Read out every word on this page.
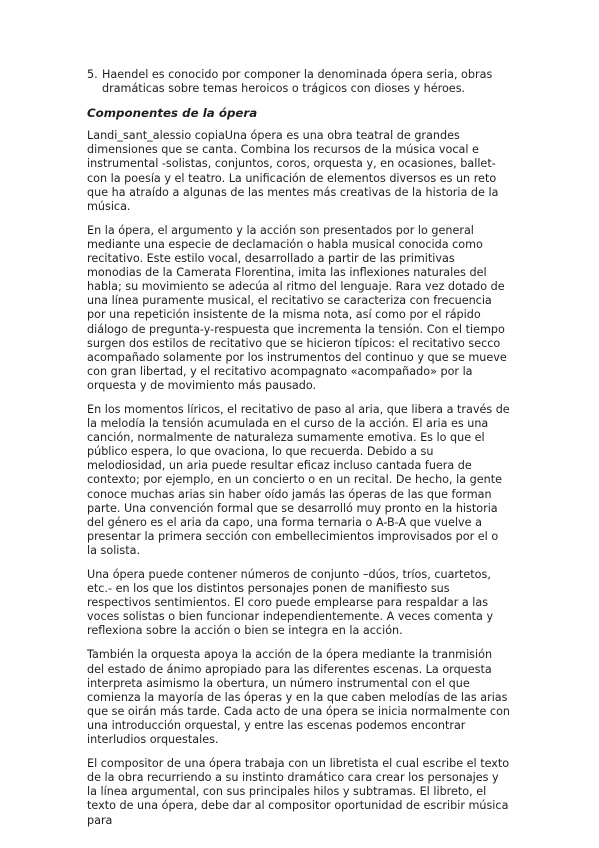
5. Haendel es conocido por componer la denominada ópera seria, obras dramáticas sobre temas heroicos o trágicos con dioses y héroes.
Componentes de la ópera

Landi_sant_alessio copiaUna ópera es una obra teatral de grandes dimensiones que se canta. Combina los recursos de la música vocal e instrumental -solistas, conjuntos, coros, orquesta y, en ocasiones, ballet- con la poesía y el teatro. La unificación de elementos diversos es un reto que ha atraído a algunas de las mentes más creativas de la historia de la música.

En la ópera, el argumento y la acción son presentados por lo general mediante una especie de declamación o habla musical conocida como recitativo. Este estilo vocal, desarrollado a partir de las primitivas monodias de la Camerata Florentina, imita las inflexiones naturales del habla; su movimiento se adecúa al ritmo del lenguaje. Rara vez dotado de una línea puramente musical, el recitativo se caracteriza con frecuencia por una repetición insistente de la misma nota, así como por el rápido diálogo de pregunta-y-respuesta que incrementa la tensión. Con el tiempo surgen dos estilos de recitativo que se hicieron típicos: el recitativo secco acompañado solamente por los instrumentos del continuo y que se mueve con gran libertad, y el recitativo acompagnato «acompañado» por la orquesta y de movimiento más pausado.

En los momentos líricos, el recitativo de paso al aria, que libera a través de la melodía la tensión acumulada en el curso de la acción. El aria es una canción, normalmente de naturaleza sumamente emotiva. Es lo que el público espera, lo que ovaciona, lo que recuerda. Debido a su melodiosidad, un aria puede resultar eficaz incluso cantada fuera de contexto; por ejemplo, en un concierto o en un recital. De hecho, la gente conoce muchas arias sin haber oído jamás las óperas de las que forman parte. Una convención formal que se desarrolló muy pronto en la historia del género es el aria da capo, una forma ternaria o A-B-A que vuelve a presentar la primera sección con embellecimientos improvisados por el o la solista.

Una ópera puede contener números de conjunto –dúos, tríos, cuartetos, etc.- en los que los distintos personajes ponen de manifiesto sus respectivos sentimientos. El coro puede emplearse para respaldar a las voces solistas o bien funcionar independientemente. A veces comenta y reflexiona sobre la acción o bien se integra en la acción.

También la orquesta apoya la acción de la ópera mediante la tranmisión del estado de ánimo apropiado para las diferentes escenas. La orquesta interpreta asimismo la obertura, un número instrumental con el que comienza la mayoría de las óperas y en la que caben melodías de las arias que se oirán más tarde. Cada acto de una ópera se inicia normalmente con una introducción orquestal, y entre las escenas podemos encontrar interludios orquestales.

El compositor de una ópera trabaja con un libretista el cual escribe el texto de la obra recurriendo a su instinto dramático cara crear los personajes y la línea argumental, con sus principales hilos y subtramas. El libreto, el texto de una ópera, debe dar al compositor oportunidad de escribir música para
